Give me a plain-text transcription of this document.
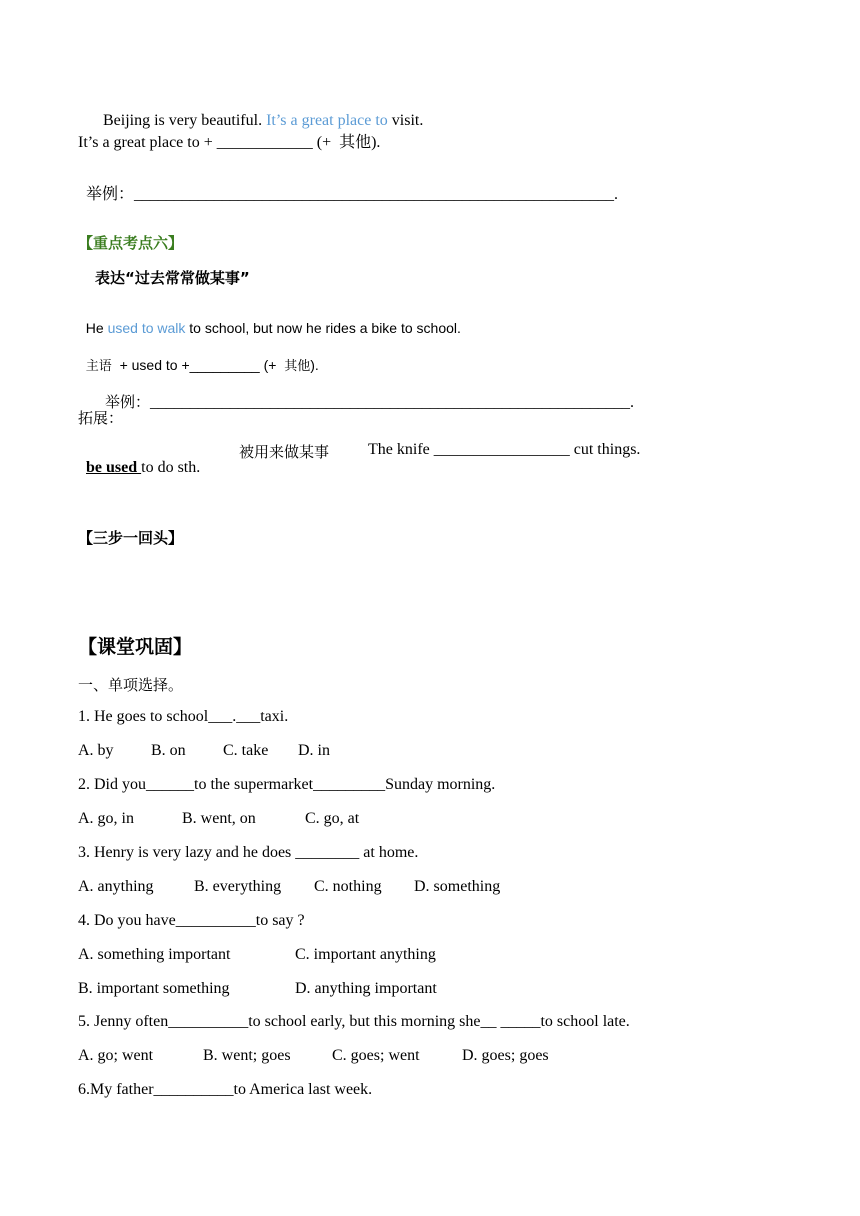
Beijing is very beautiful. It’s a great place to visit.

It’s a great place to + ____________ (+  其他).

举例：____________________________________________________________.

【重点考点六】
表达“过去常常做某事”

He used to walk to school, but now he rides a bike to school.

主语  + used to +_________ (+  其他).

举例：____________________________________________________________.

拓展：

be used to do sth.

被用来做某事 The knife _________________ cut things.
【三步一回头】
【课堂巩固】
一、单项选择。
1. He goes to school___.___taxi.
A. by B. on C. take D. in
2. Did you______to the supermarket_________Sunday morning.
A. go, in	B. went, on	C. go, at
3. Henry is very lazy and he does ________ at home.
A. anything	B. everything C. nothing D. something
4. Do you have__________to say ?
A. something important	C. important anything
B. important something	D. anything important
5. Jenny often__________to school early, but this morning she__ _____to school late.
A. go; went	B. went; goes	C. goes; went	D. goes; goes
6.My father__________to America last week.
